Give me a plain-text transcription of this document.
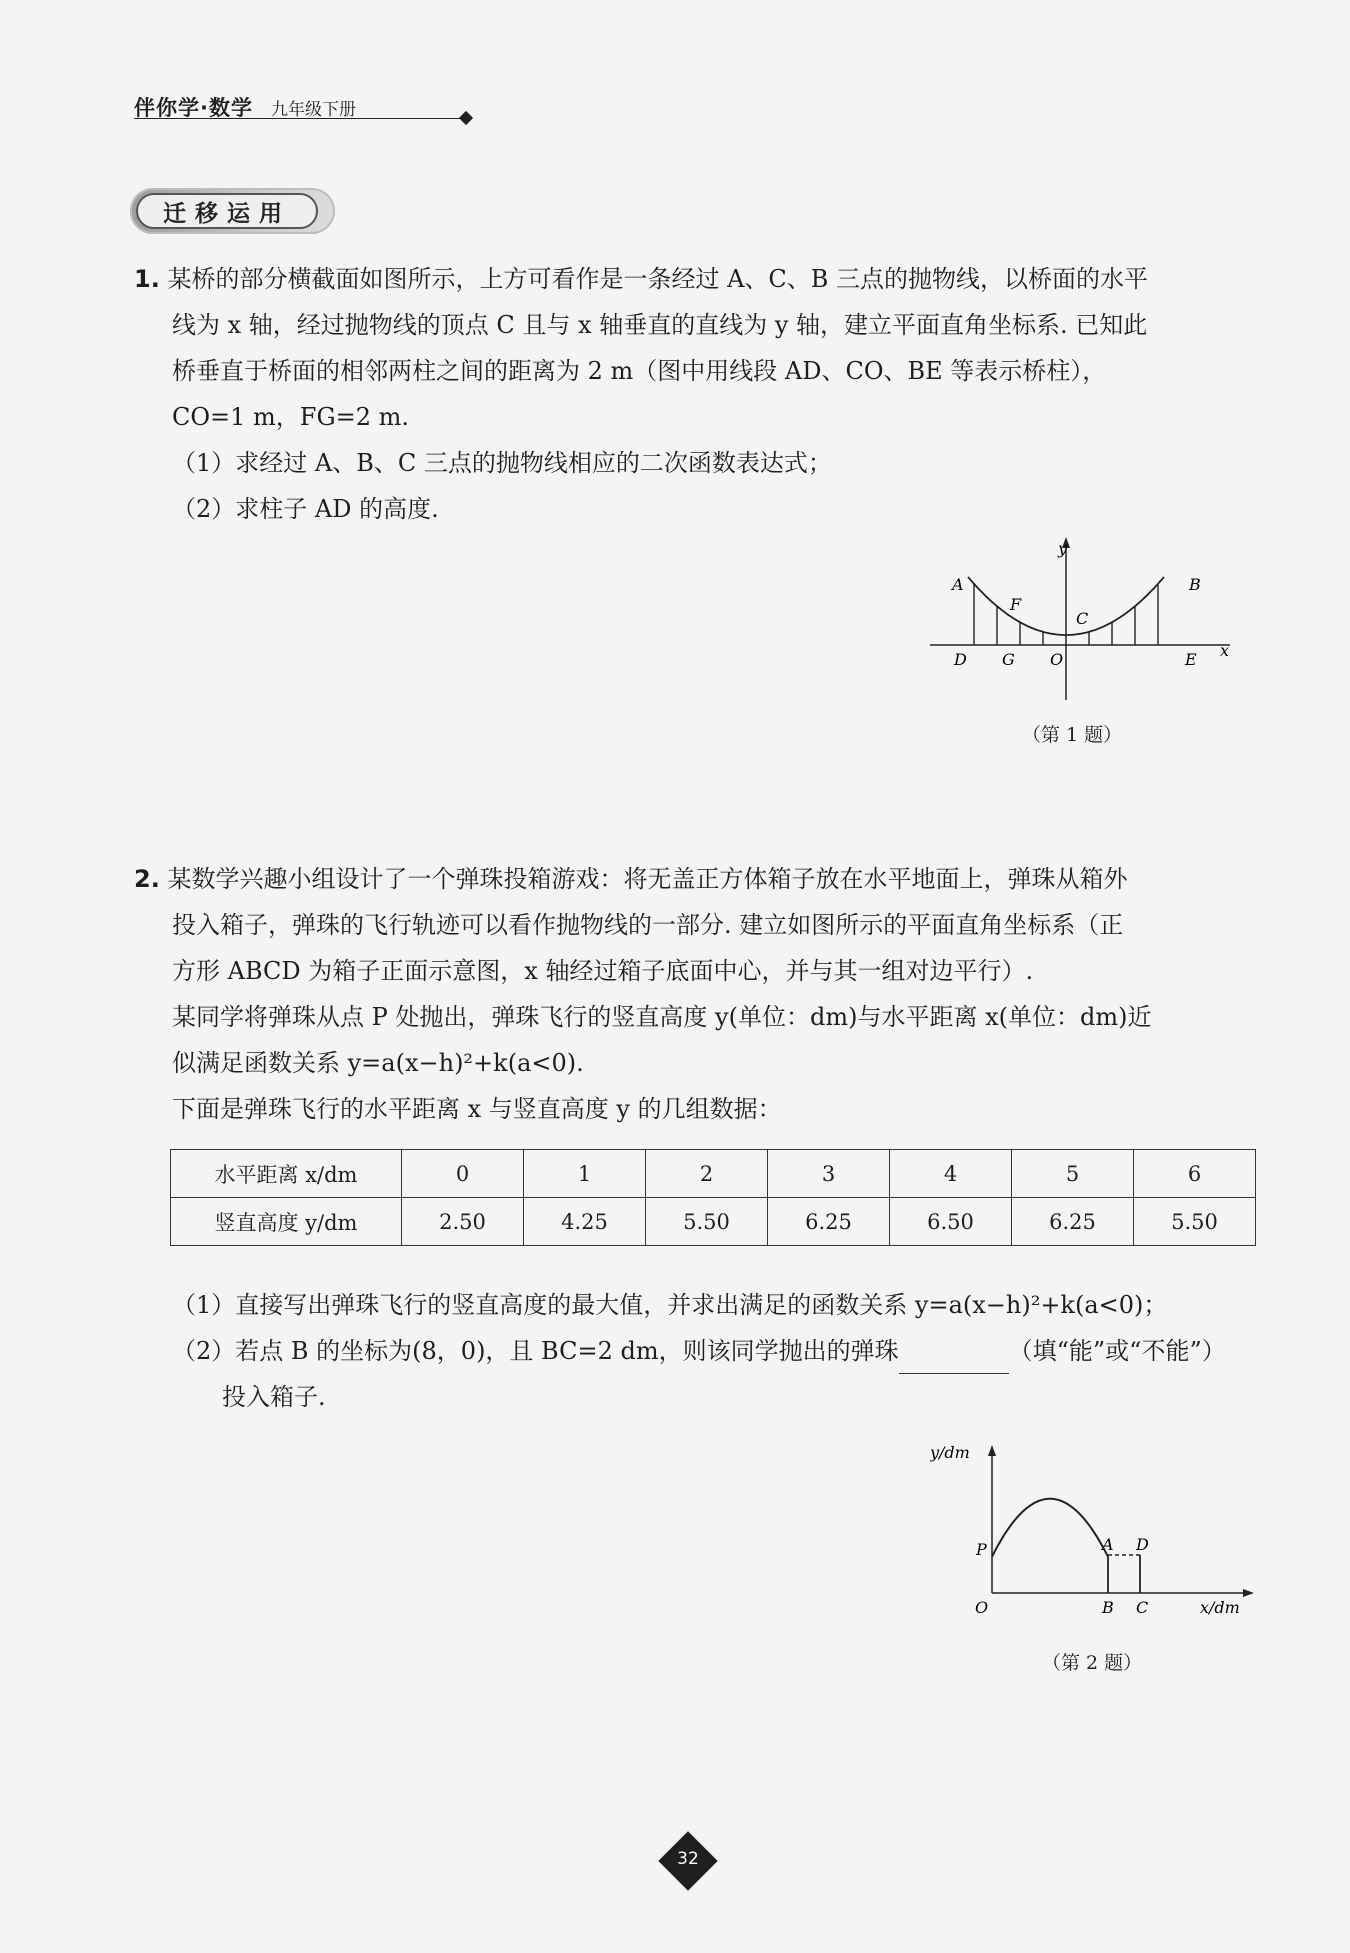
伴你学·数学 九年级下册
迁移运用

1. 某桥的部分横截面如图所示，上方可看作是一条经过 A、C、B 三点的抛物线，以桥面的水平

线为 x 轴，经过抛物线的顶点 C 且与 x 轴垂直的直线为 y 轴，建立平面直角坐标系. 已知此

桥垂直于桥面的相邻两柱之间的距离为 2 m（图中用线段 AD、CO、BE 等表示桥柱），

CO=1 m，FG=2 m.

（1）求经过 A、B、C 三点的抛物线相应的二次函数表达式；

（2）求柱子 AD 的高度.

y
x
A	B
C
F
D G O	E
（第 1 题）

2. 某数学兴趣小组设计了一个弹珠投箱游戏：将无盖正方体箱子放在水平地面上，弹珠从箱外

投入箱子，弹珠的飞行轨迹可以看作抛物线的一部分. 建立如图所示的平面直角坐标系（正

方形 ABCD 为箱子正面示意图，x 轴经过箱子底面中心，并与其一组对边平行）.

某同学将弹珠从点 P 处抛出，弹珠飞行的竖直高度 y(单位：dm)与水平距离 x(单位：dm)近

似满足函数关系 y=a(x−h)²+k(a<0).

下面是弹珠飞行的水平距离 x 与竖直高度 y 的几组数据：

水平距离 x/dm	0	1	2	3	4	5	6
竖直高度 y/dm	2.50	4.25	5.50	6.25	6.50	6.25	5.50

（1）直接写出弹珠飞行的竖直高度的最大值，并求出满足的函数关系 y=a(x−h)²+k(a<0)；

（2）若点 B 的坐标为(8，0)，且 BC=2 dm，则该同学抛出的弹珠	（填“能”或“不能”）

投入箱子.

y/dm
x/dm
P
O
A D
B C
（第 2 题）
32
